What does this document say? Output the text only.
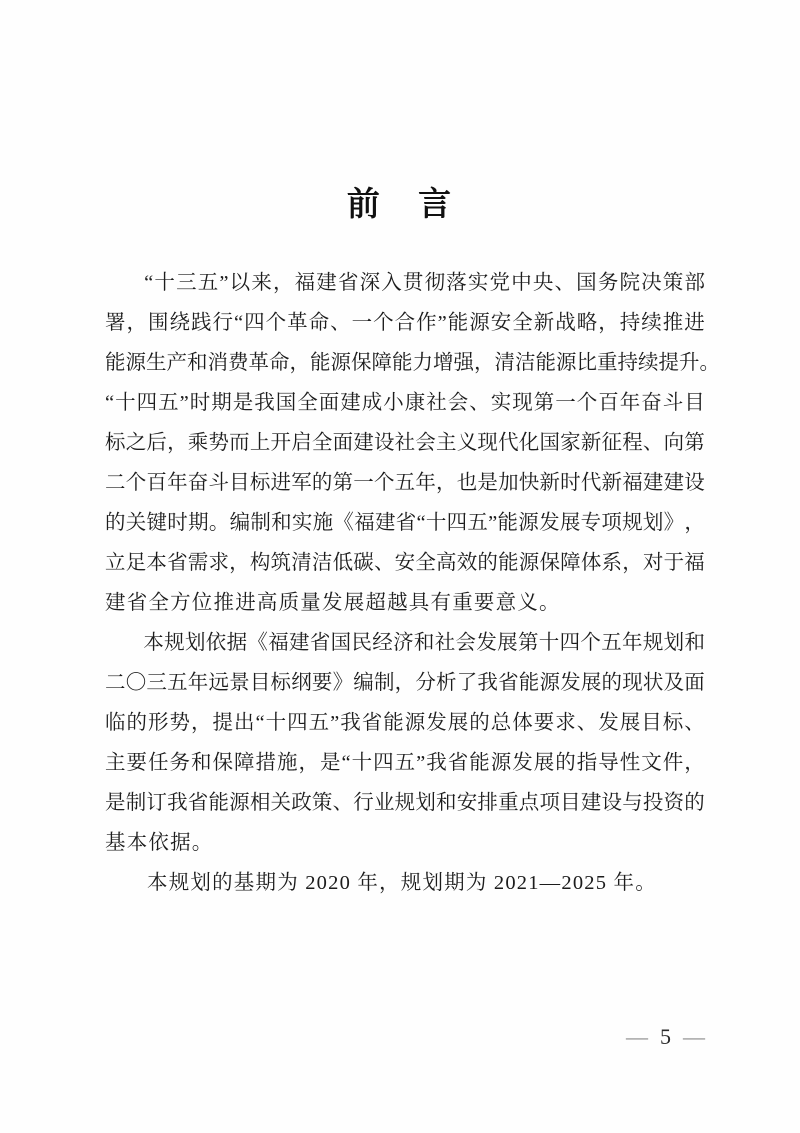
前 言
“ 十 三 五 ” 以 来 ， 福 建 省 深 入 贯 彻 落 实 党 中 央 、 国 务 院 决 策 部
署 ， 围 绕 践 行 “ 四 个 革 命 、 一 个 合 作 ” 能 源 安 全 新 战 略 ， 持 续 推 进
能 源 生 产 和 消 费 革 命 ， 能 源 保 障 能 力 增 强 ， 清 洁 能 源 比 重 持 续 提 升 。
“ 十 四 五 ” 时 期 是 我 国 全 面 建 成 小 康 社 会 、 实 现 第 一 个 百 年 奋 斗 目
标 之 后 ， 乘 势 而 上 开 启 全 面 建 设 社 会 主 义 现 代 化 国 家 新 征 程 、 向 第
二 个 百 年 奋 斗 目 标 进 军 的 第 一 个 五 年 ， 也 是 加 快 新 时 代 新 福 建 建 设
的 关 键 时 期 。 编 制 和 实 施 《 福 建 省 “ 十 四 五 ” 能 源 发 展 专 项 规 划 》 ，
立 足 本 省 需 求 ， 构 筑 清 洁 低 碳 、 安 全 高 效 的 能 源 保 障 体 系 ， 对 于 福
建省全方位推进高质量发展超越具有重要意义。
本 规 划 依 据 《 福 建 省 国 民 经 济 和 社 会 发 展 第 十 四 个 五 年 规 划 和
二 〇 三 五 年 远 景 目 标 纲 要 》 编 制 ， 分 析 了 我 省 能 源 发 展 的 现 状 及 面
临 的 形 势 ， 提 出 “ 十 四 五 ” 我 省 能 源 发 展 的 总 体 要 求 、 发 展 目 标 、
主 要 任 务 和 保 障 措 施 ， 是 “ 十 四 五 ” 我 省 能 源 发 展 的 指 导 性 文 件 ，
是 制 订 我 省 能 源 相 关 政 策 、 行 业 规 划 和 安 排 重 点 项 目 建 设 与 投 资 的
基本依据。
本规划的基期为 2020 年，规划期为 2021—2025 年。
— 5 —
